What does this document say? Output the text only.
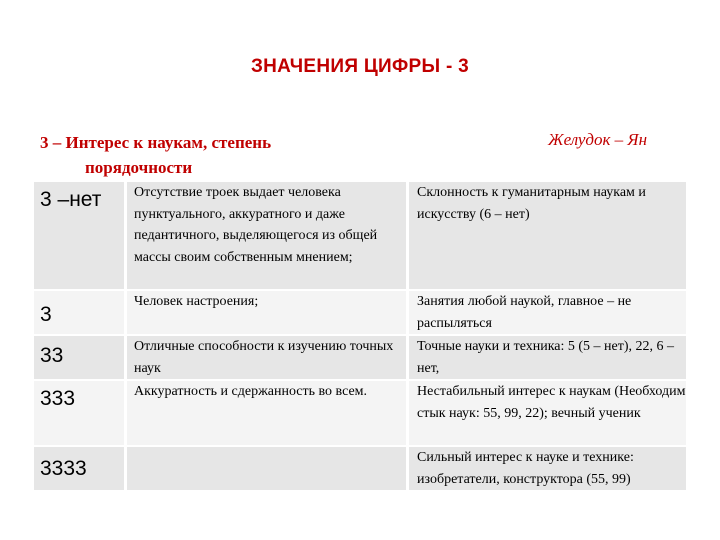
ЗНАЧЕНИЯ ЦИФРЫ - 3
3 – Интерес к наукам, степень
порядочности
Желудок – Ян
3 –нет	Отсутствие троек выдает человека пунктуального, аккуратного и даже педантичного, выделяющегося из общей массы своим собственным мнением;	Склонность к гуманитарным наукам и искусству (6 – нет)
3	Человек настроения;	Занятия любой наукой, главное – не распыляться
33	Отличные способности к изучению точных наук	Точные науки и техника: 5 (5 – нет), 22, 6 – нет,
333	Аккуратность и сдержанность во всем.	Нестабильный интерес к наукам (Необходим стык наук: 55, 99, 22); вечный ученик
3333		Сильный интерес к науке и технике: изобретатели, конструктора (55, 99)
